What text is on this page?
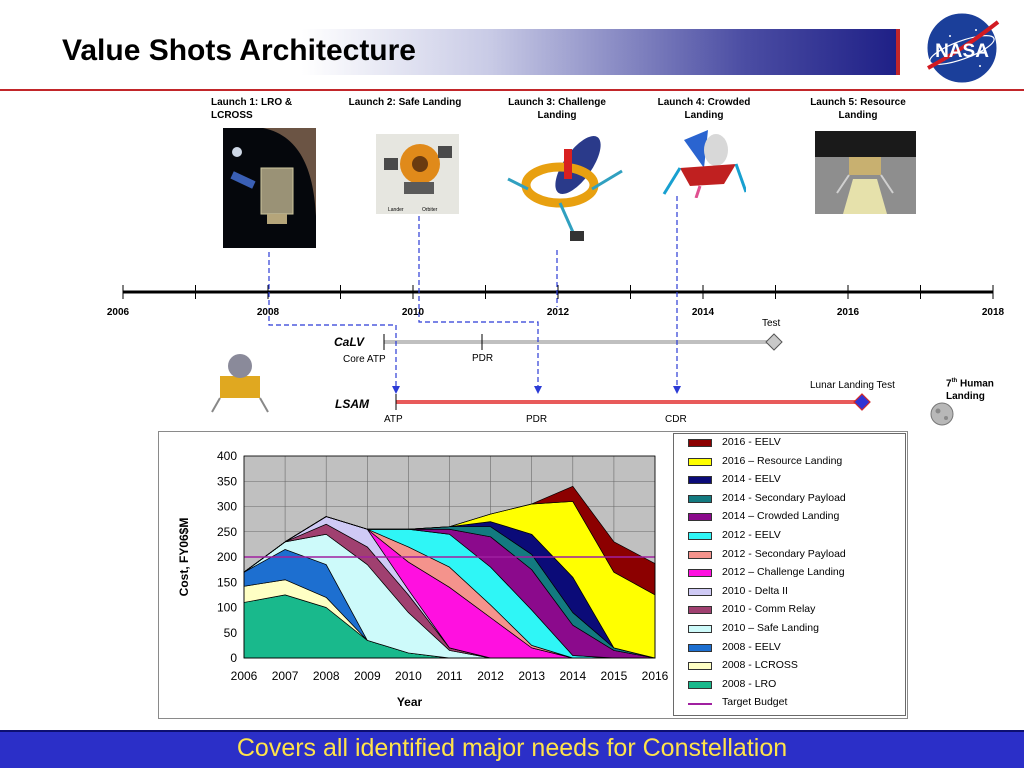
Value Shots Architecture	NASA
Launch 1: LRO & LCROSS
Launch 2: Safe Landing	Launch 3: Challenge Landing
Launch 4: Crowded Landing
Launch 5: Resource Landing
Lander	Orbiter
2006	2008	2010	2012	2014	2016	2018
CaLV
Core ATP	PDR
Test
LSAM
ATP	PDR	CDR
Lunar Landing Test	7th Human Landing
0
50
100
150
200
250
300
350
400
2006 2007 2008 2009 2010 2011 2012 2013 2014 2015 2016
Year
Cost, FY06$M
2016 - EELV
2016 – Resource Landing
2014 - EELV
2014 - Secondary Payload
2014 – Crowded Landing
2012 - EELV
2012 - Secondary Payload
2012 – Challenge Landing
2010 - Delta II
2010 - Comm Relay
2010 – Safe Landing
2008 - EELV
2008 - LCROSS
2008 - LRO
Target Budget
Covers all identified major needs for Constellation
